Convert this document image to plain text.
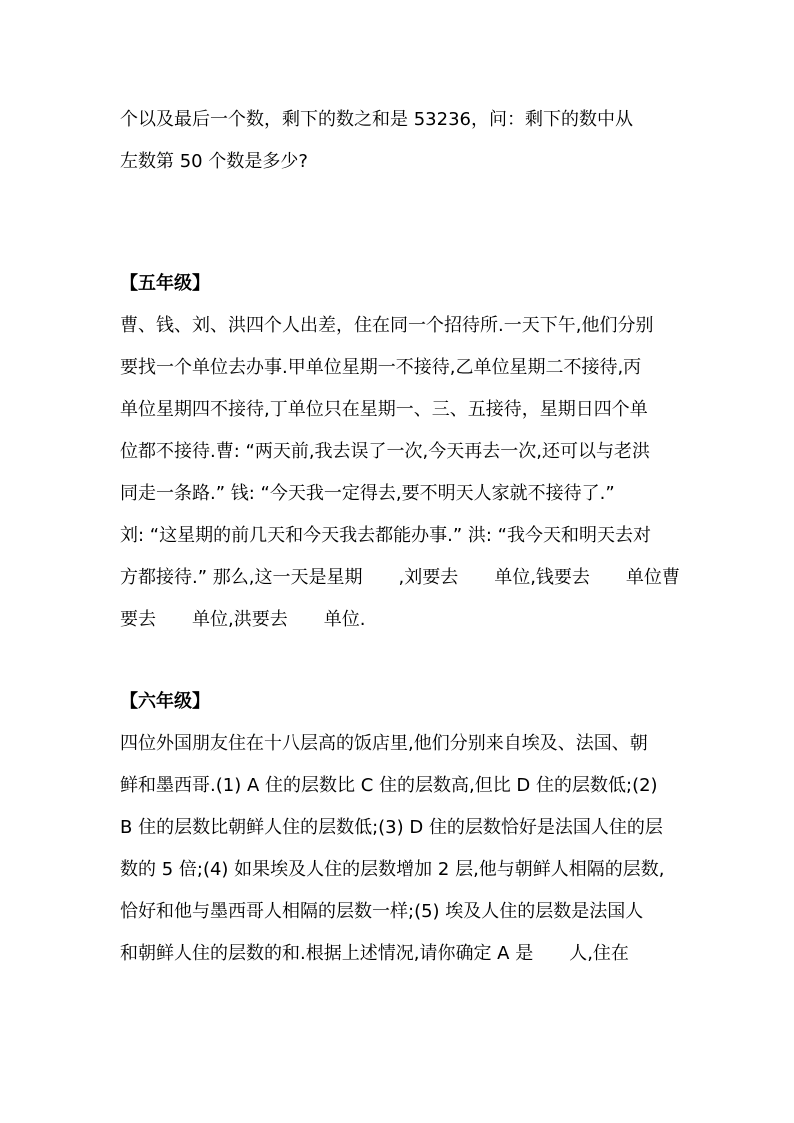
个以及最后一个数，剩下的数之和是 53236，问：剩下的数中从
左数第 50 个数是多少?
【五年级】
曹、钱、刘、洪四个人出差，住在同一个招待所.一天下午,他们分别
要找一个单位去办事.甲单位星期一不接待,乙单位星期二不接待,丙
单位星期四不接待,丁单位只在星期一、三、五接待，星期日四个单
位都不接待.曹: “两天前,我去误了一次,今天再去一次,还可以与老洪
同走一条路.” 钱: “今天我一定得去,要不明天人家就不接待了.”
刘: “这星期的前几天和今天我去都能办事.” 洪: “我今天和明天去对
方都接待.” 那么,这一天是星期　　,刘要去　　单位,钱要去　　单位曹
要去　　单位,洪要去　　单位.
【六年级】
四位外国朋友住在十八层高的饭店里,他们分别来自埃及、法国、朝
鲜和墨西哥.(1) A 住的层数比 C 住的层数高,但比 D 住的层数低;(2)
B 住的层数比朝鲜人住的层数低;(3) D 住的层数恰好是法国人住的层
数的 5 倍;(4) 如果埃及人住的层数增加 2 层,他与朝鲜人相隔的层数,
恰好和他与墨西哥人相隔的层数一样;(5) 埃及人住的层数是法国人
和朝鲜人住的层数的和.根据上述情况,请你确定 A 是　　人,住在
